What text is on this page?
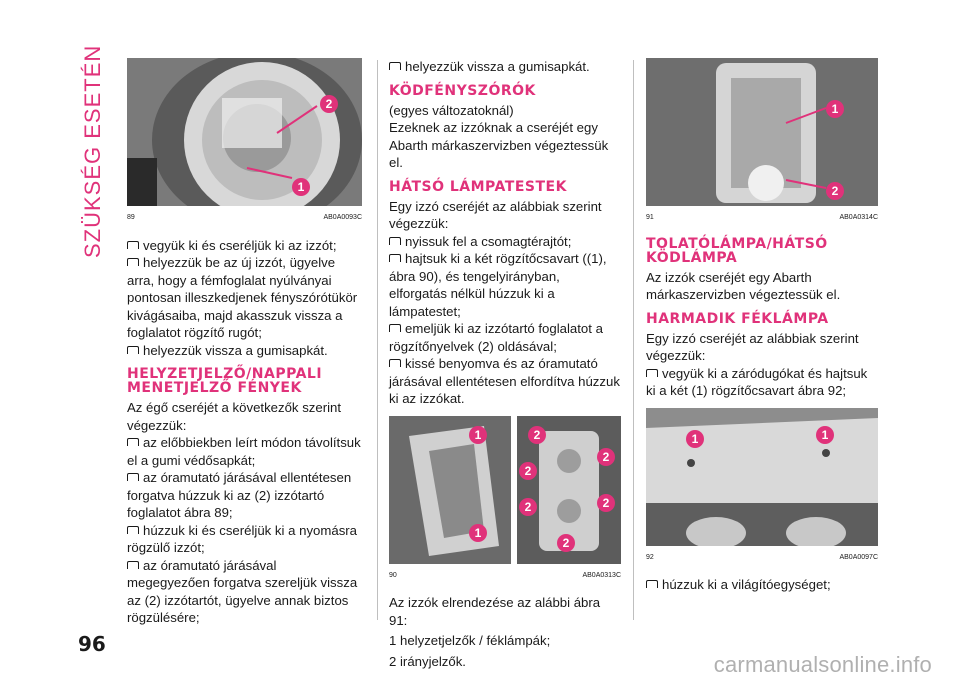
SZÜKSÉG ESETÉN	2
1
89	AB0A0093C

vegyük ki és cseréljük ki az izzót;

helyezzük be az új izzót, ügyelve arra, hogy a fémfoglalat nyúlványai pontosan illeszkedjenek fényszórótükör kivágásaiba, majd akasszuk vissza a foglalatot rögzítő rugót;

helyezzük vissza a gumisapkát.

HELYZETJELZŐ/NAPPALI MENETJELZŐ FÉNYEK

Az égő cseréjét a következők szerint végezzük:

az előbbiekben leírt módon távolítsuk el a gumi védősapkát;

az óramutató járásával ellentétesen forgatva húzzuk ki az (2) izzótartó foglalatot ábra 89;

húzzuk ki és cseréljük ki a nyomásra rögzülő izzót;

az óramutató járásával megegyezően forgatva szereljük vissza az (2) izzótartót, ügyelve annak biztos rögzülésére;

helyezzük vissza a gumisapkát.

KÖDFÉNYSZÓRÓK

(egyes változatoknál)

Ezeknek az izzóknak a cseréjét egy Abarth márkaszervizben végeztessük el.

HÁTSÓ LÁMPATESTEK

Egy izzó cseréjét az alábbiak szerint végezzük:

nyissuk fel a csomagtérajtót;

hajtsuk ki a két rögzítőcsavart ((1), ábra 90), és tengelyirányban, elforgatás nélkül húzzuk ki a lámpatestet;

emeljük ki az izzótartó foglalatot a rögzítőnyelvek (2) oldásával;

kissé benyomva és az óramutató járásával ellentétesen elfordítva húzzuk ki az izzókat.

1
1
2
2
2
2
2
2
90	AB0A0313C

Az izzók elrendezése az alábbi ábra 91:

1 helyzetjelzők / féklámpák;

2 irányjelzők.

1
2
91	AB0A0314C
TOLATÓLÁMPA/HÁTSÓ KÖDLÁMPA

Az izzók cseréjét egy Abarth márkaszervizben végeztessük el.

HARMADIK FÉKLÁMPA

Egy izzó cseréjét az alábbiak szerint végezzük:

vegyük ki a záródugókat és hajtsuk ki a két (1) rögzítőcsavart ábra 92;

1	1
92	AB0A0097C

húzzuk ki a világítóegységet;

96
carmanualsonline.info
